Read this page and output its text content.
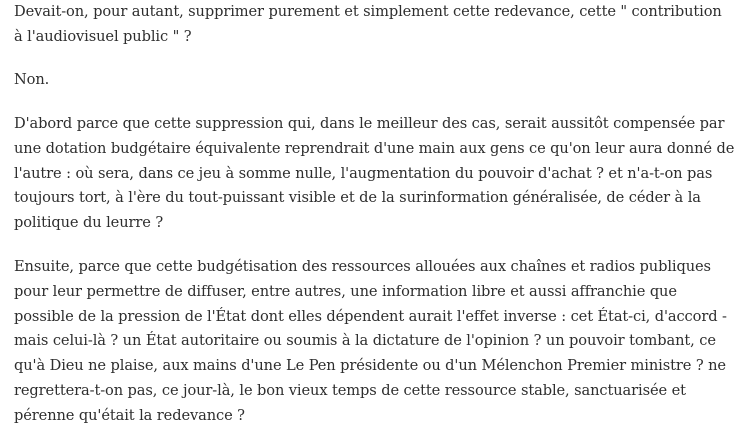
Devait-on, pour autant, supprimer purement et simplement cette redevance, cette " contribution
à l'audiovisuel public " ?

Non.

D'abord parce que cette suppression qui, dans le meilleur des cas, serait aussitôt compensée par
une dotation budgétaire équivalente reprendrait d'une main aux gens ce qu'on leur aura donné de
l'autre : où sera, dans ce jeu à somme nulle, l'augmentation du pouvoir d'achat ? et n'a-t-on pas
toujours tort, à l'ère du tout-puissant visible et de la surinformation généralisée, de céder à la
politique du leurre ?

Ensuite, parce que cette budgétisation des ressources allouées aux chaînes et radios publiques
pour leur permettre de diffuser, entre autres, une information libre et aussi affranchie que
possible de la pression de l'État dont elles dépendent aurait l'effet inverse : cet État-ci, d'accord -
mais celui-là ? un État autoritaire ou soumis à la dictature de l'opinion ? un pouvoir tombant, ce
qu'à Dieu ne plaise, aux mains d'une Le Pen présidente ou d'un Mélenchon Premier ministre ? ne
regrettera-t-on pas, ce jour-là, le bon vieux temps de cette ressource stable, sanctuarisée et
pérenne qu'était la redevance ?
